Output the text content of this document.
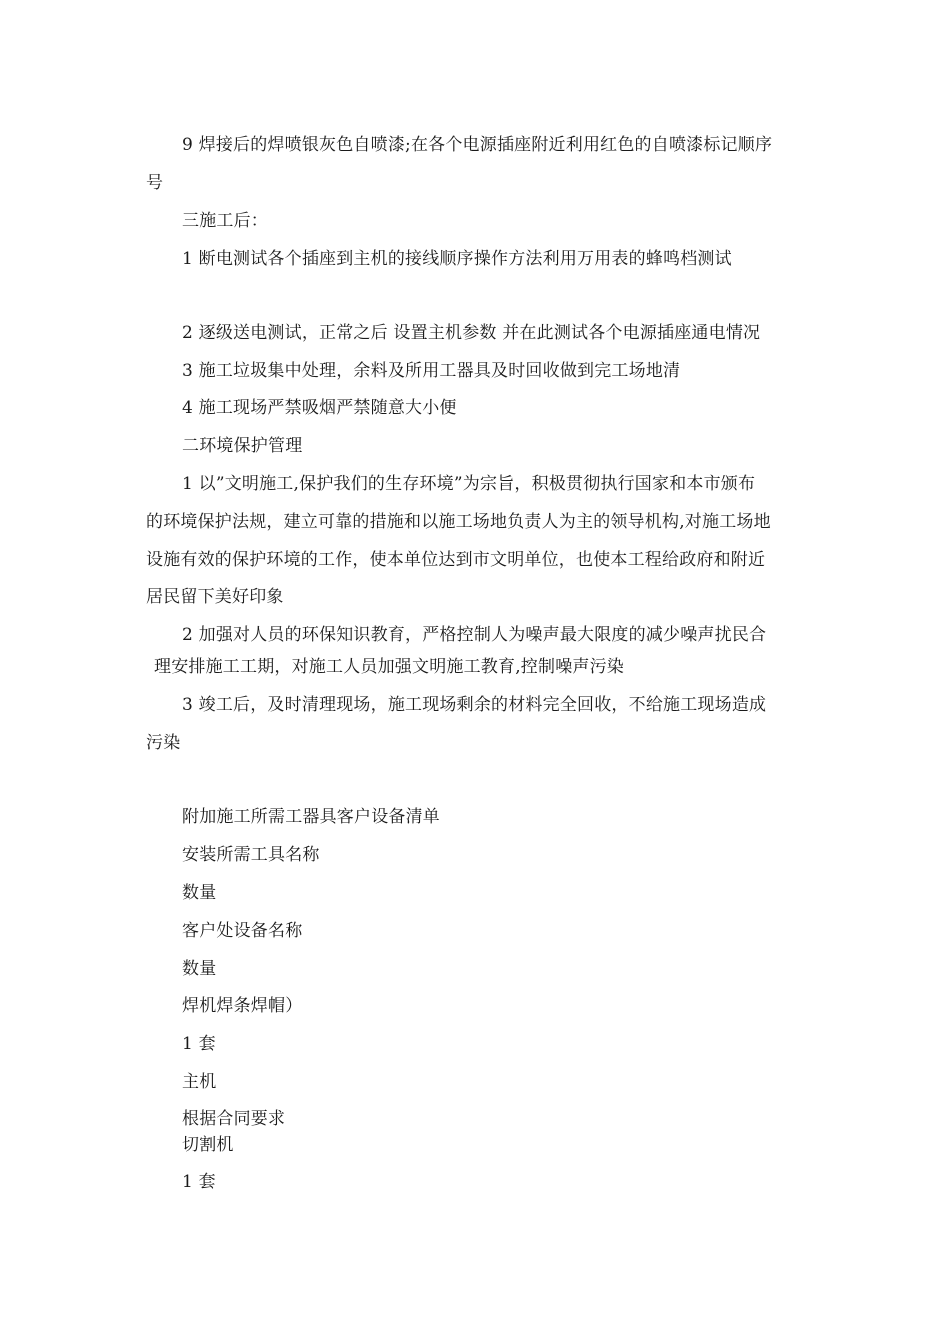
9 焊接后的焊喷银灰色自喷漆;在各个电源插座附近利用红色的自喷漆标记顺序
号
三施工后：
1 断电测试各个插座到主机的接线顺序操作方法利用万用表的蜂鸣档测试
2 逐级送电测试，正常之后 设置主机参数 并在此测试各个电源插座通电情况
3 施工垃圾集中处理，余料及所用工器具及时回收做到完工场地清
4 施工现场严禁吸烟严禁随意大小便
二环境保护管理
1 以”文明施工,保护我们的生存环境”为宗旨，积极贯彻执行国家和本市颁布
的环境保护法规，建立可靠的措施和以施工场地负责人为主的领导机构,对施工场地
设施有效的保护环境的工作，使本单位达到市文明单位，也使本工程给政府和附近
居民留下美好印象
2 加强对人员的环保知识教育，严格控制人为噪声最大限度的减少噪声扰民合
理安排施工工期，对施工人员加强文明施工教育,控制噪声污染
3 竣工后，及时清理现场，施工现场剩余的材料完全回收，不给施工现场造成
污染
附加施工所需工器具客户设备清单
安装所需工具名称
数量
客户处设备名称
数量
焊机焊条焊帽）
1 套
主机
根据合同要求
切割机
1 套
